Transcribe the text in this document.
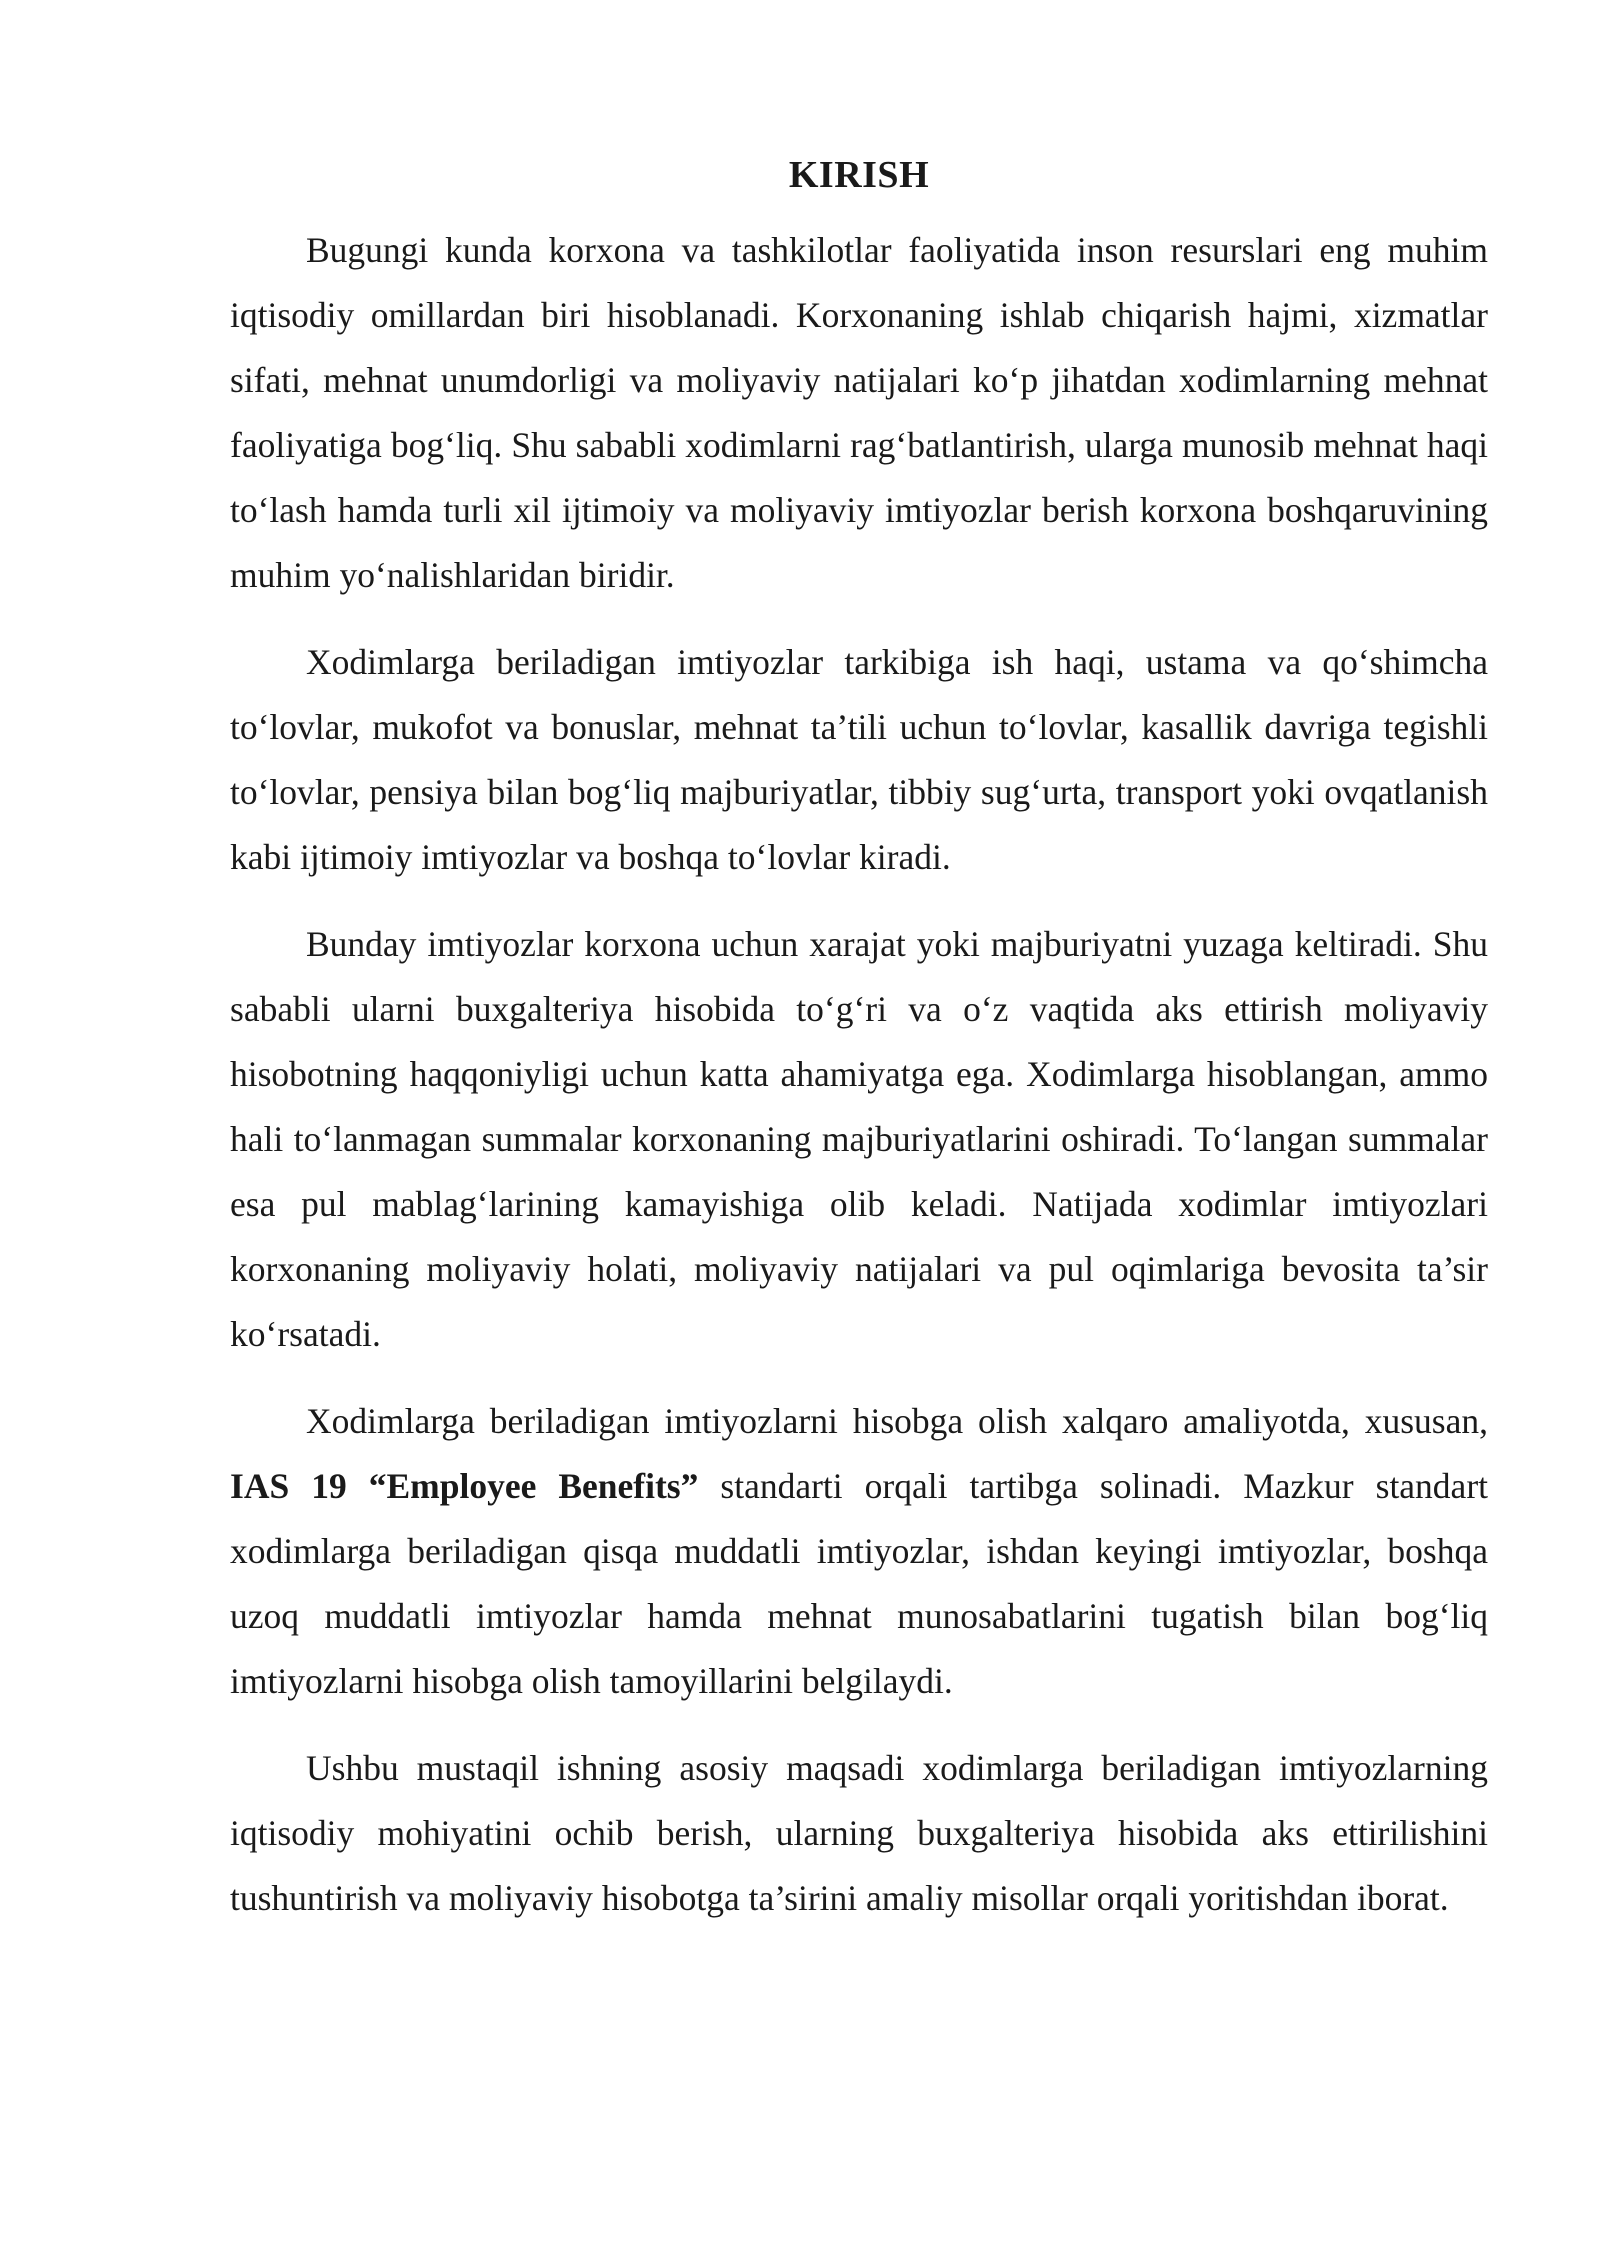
KIRISH

Bugungi kunda korxona va tashkilotlar faoliyatida inson resurslari eng muhim iqtisodiy omillardan biri hisoblanadi. Korxonaning ishlab chiqarish hajmi, xizmatlar sifati, mehnat unumdorligi va moliyaviy natijalari ko‘p jihatdan xodimlarning mehnat faoliyatiga bog‘liq. Shu sababli xodimlarni rag‘batlantirish, ularga munosib mehnat haqi to‘lash hamda turli xil ijtimoiy va moliyaviy imtiyozlar berish korxona boshqaruvining muhim yo‘nalishlaridan biridir.

Xodimlarga beriladigan imtiyozlar tarkibiga ish haqi, ustama va qo‘shimcha to‘lovlar, mukofot va bonuslar, mehnat ta’tili uchun to‘lovlar, kasallik davriga tegishli to‘lovlar, pensiya bilan bog‘liq majburiyatlar, tibbiy sug‘urta, transport yoki ovqatlanish kabi ijtimoiy imtiyozlar va boshqa to‘lovlar kiradi.

Bunday imtiyozlar korxona uchun xarajat yoki majburiyatni yuzaga keltiradi. Shu sababli ularni buxgalteriya hisobida to‘g‘ri va o‘z vaqtida aks ettirish moliyaviy hisobotning haqqoniyligi uchun katta ahamiyatga ega. Xodimlarga hisoblangan, ammo hali to‘lanmagan summalar korxonaning majburiyatlarini oshiradi. To‘langan summalar esa pul mablag‘larining kamayishiga olib keladi. Natijada xodimlar imtiyozlari korxonaning moliyaviy holati, moliyaviy natijalari va pul oqimlariga bevosita ta’sir ko‘rsatadi.

Xodimlarga beriladigan imtiyozlarni hisobga olish xalqaro amaliyotda, xususan, IAS 19 “Employee Benefits” standarti orqali tartibga solinadi. Mazkur standart xodimlarga beriladigan qisqa muddatli imtiyozlar, ishdan keyingi imtiyozlar, boshqa uzoq muddatli imtiyozlar hamda mehnat munosabatlarini tugatish bilan bog‘liq imtiyozlarni hisobga olish tamoyillarini belgilaydi.

Ushbu mustaqil ishning asosiy maqsadi xodimlarga beriladigan imtiyozlarning iqtisodiy mohiyatini ochib berish, ularning buxgalteriya hisobida aks ettirilishini tushuntirish va moliyaviy hisobotga ta’sirini amaliy misollar orqali yoritishdan iborat.
